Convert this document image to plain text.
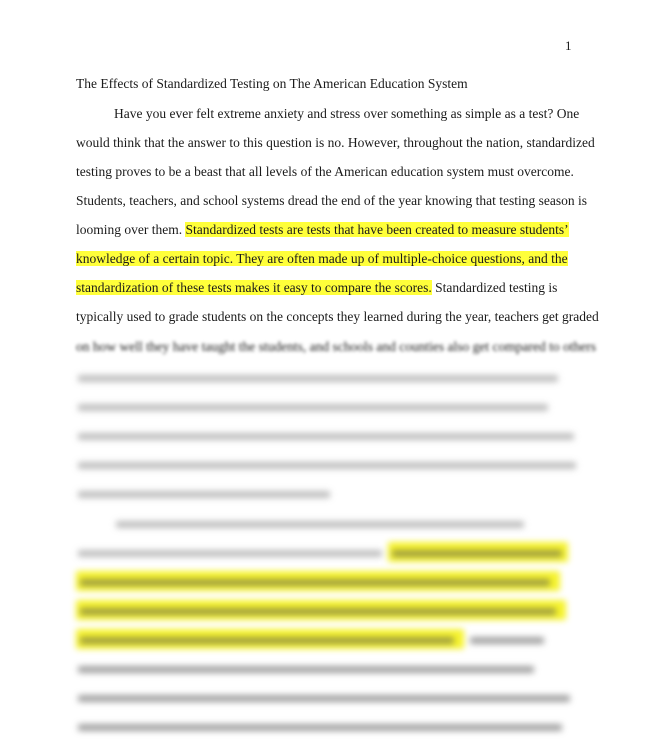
1
The Effects of Standardized Testing on The American Education System
Have you ever felt extreme anxiety and stress over something as simple as a test? One
would think that the answer to this question is no. However, throughout the nation, standardized
testing proves to be a beast that all levels of the American education system must overcome.
Students, teachers, and school systems dread the end of the year knowing that testing season is
looming over them. Standardized tests are tests that have been created to measure students’
knowledge of a certain topic. They are often made up of multiple-choice questions, and the
standardization of these tests makes it easy to compare the scores. Standardized testing is
typically used to grade students on the concepts they learned during the year, teachers get graded
on how well they have taught the students, and schools and counties also get compared to others
